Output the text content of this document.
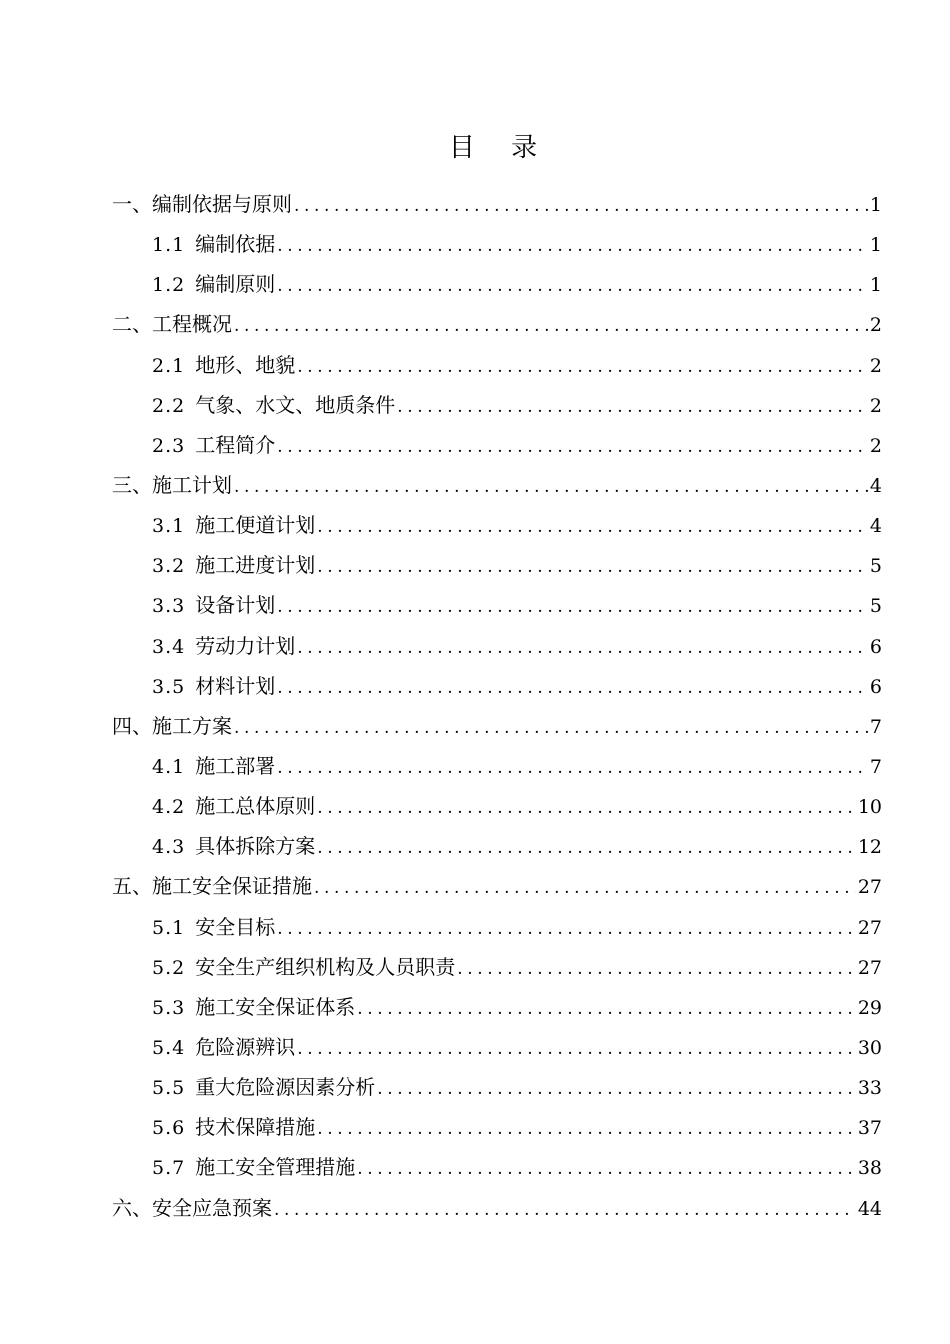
目 录
一、编制依据与原则 .....	1
1.1 编制依据 .....	1
1.2 编制原则 .....	1
二、工程概况 .....	2
2.1 地形、地貌 .....	2
2.2 气象、水文、地质条件 .....	2
2.3 工程简介 .....	2
三、施工计划 .....	4
3.1 施工便道计划 .....	4
3.2 施工进度计划 .....	5
3.3 设备计划 .....	5
3.4 劳动力计划 .....	6
3.5 材料计划 .....	6
四、施工方案 .....	7
4.1 施工部署 .....	7
4.2 施工总体原则 .....	10
4.3 具体拆除方案 .....	12
五、施工安全保证措施 .....	27
5.1 安全目标 .....	27
5.2 安全生产组织机构及人员职责 .....	27
5.3 施工安全保证体系 .....	29
5.4 危险源辨识 .....	30
5.5 重大危险源因素分析 .....	33
5.6 技术保障措施 .....	37
5.7 施工安全管理措施 .....	38
六、安全应急预案 .....	44
